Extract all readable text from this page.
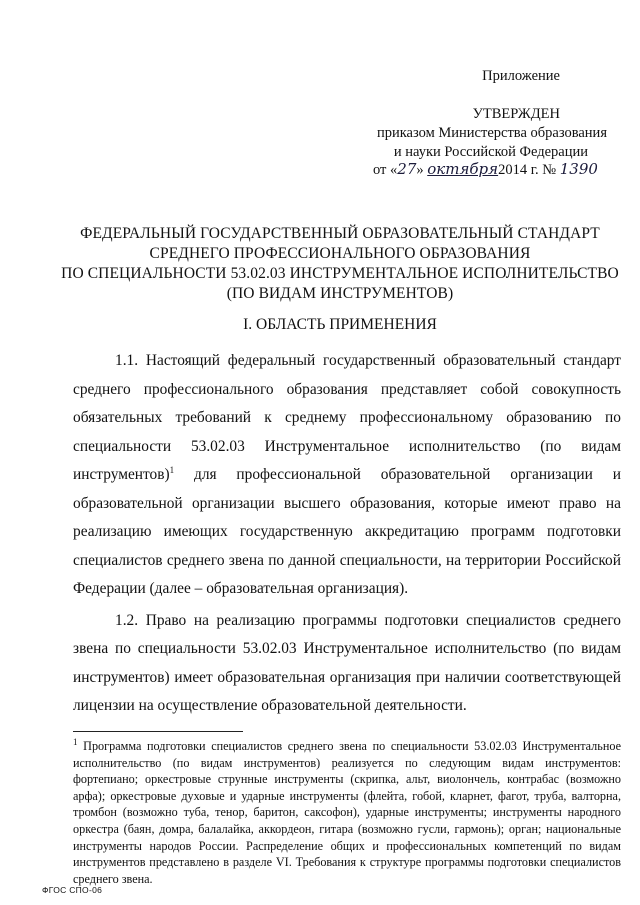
Приложение
УТВЕРЖДЕН
приказом Министерства образования
и науки Российской Федерации
от «27» октября2014 г. № 1390
ФЕДЕРАЛЬНЫЙ ГОСУДАРСТВЕННЫЙ ОБРАЗОВАТЕЛЬНЫЙ СТАНДАРТ
СРЕДНЕГО ПРОФЕССИОНАЛЬНОГО ОБРАЗОВАНИЯ
ПО СПЕЦИАЛЬНОСТИ 53.02.03 ИНСТРУМЕНТАЛЬНОЕ ИСПОЛНИТЕЛЬСТВО
(ПО ВИДАМ ИНСТРУМЕНТОВ)
I. ОБЛАСТЬ ПРИМЕНЕНИЯ

1.1. Настоящий федеральный государственный образовательный стандарт среднего профессионального образования представляет собой совокупность обязательных требований к среднему профессиональному образованию по специальности 53.02.03 Инструментальное исполнительство (по видам инструментов)$^1$ для профессиональной образовательной организации и образовательной организации высшего образования, которые имеют право на реализацию имеющих государственную аккредитацию программ подготовки специалистов среднего звена по данной специальности, на территории Российской Федерации (далее – образовательная организация).

1.2. Право на реализацию программы подготовки специалистов среднего звена по специальности 53.02.03 Инструментальное исполнительство (по видам инструментов) имеет образовательная организация при наличии соответствующей лицензии на осуществление образовательной деятельности.

$^1$ Программа подготовки специалистов среднего звена по специальности 53.02.03 Инструментальное исполнительство (по видам инструментов) реализуется по следующим видам инструментов: фортепиано; оркестровые струнные инструменты (скрипка, альт, виолончель, контрабас (возможно арфа); оркестровые духовые и ударные инструменты (флейта, гобой, кларнет, фагот, труба, валторна, тромбон (возможно туба, тенор, баритон, саксофон), ударные инструменты; инструменты народного оркестра (баян, домра, балалайка, аккордеон, гитара (возможно гусли, гармонь); орган; национальные инструменты народов России. Распределение общих и профессиональных компетенций по видам инструментов представлено в разделе VI. Требования к структуре программы подготовки специалистов среднего звена.
ФГОС СПО-06
